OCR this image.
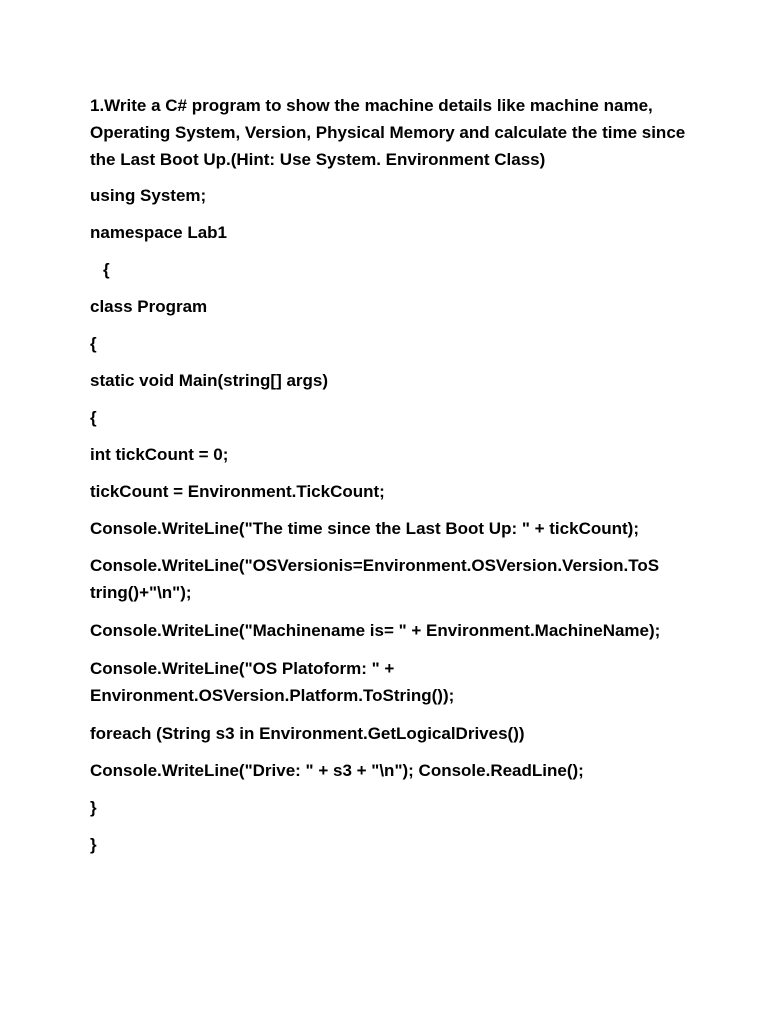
1.Write a C# program to show the machine details like machine name, Operating System, Version, Physical Memory and calculate the time since the Last Boot Up.(Hint: Use System. Environment Class)
using System;
namespace Lab1
{
class Program
{
static void Main(string[] args)
{
int tickCount = 0;
tickCount = Environment.TickCount;
Console.WriteLine("The time since the Last Boot Up: " + tickCount);
Console.WriteLine("OSVersionis=Environment.OSVersion.Version.ToS tring()+"\n");
Console.WriteLine("Machinename is= " + Environment.MachineName);
Console.WriteLine("OS Platoform: " + Environment.OSVersion.Platform.ToString());
foreach (String s3 in Environment.GetLogicalDrives())
Console.WriteLine("Drive: " + s3 + "\n"); Console.ReadLine();
}
}
